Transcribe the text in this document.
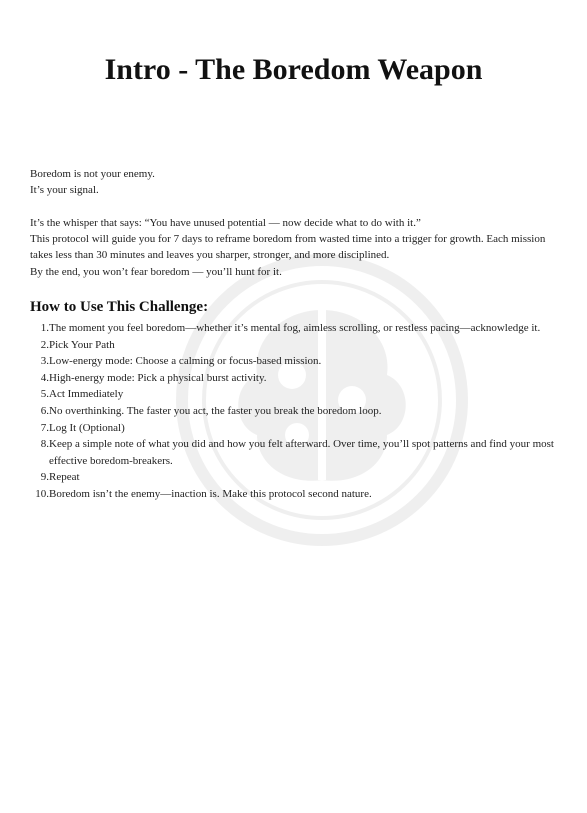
Intro - The Boredom Weapon

Boredom is not your enemy.

It’s your signal.

It’s the whisper that says: “You have unused potential — now decide what to do with it.”

This protocol will guide you for 7 days to reframe boredom from wasted time into a trigger for growth. Each mission takes less than 30 minutes and leaves you sharper, stronger, and more disciplined.

By the end, you won’t fear boredom — you’ll hunt for it.

How to Use This Challenge:
1. The moment you feel boredom—whether it’s mental fog, aimless scrolling, or restless pacing—acknowledge it.
2. Pick Your Path
3. Low-energy mode: Choose a calming or focus-based mission.
4. High-energy mode: Pick a physical burst activity.
5. Act Immediately
6. No overthinking. The faster you act, the faster you break the boredom loop.
7. Log It (Optional)
8. Keep a simple note of what you did and how you felt afterward. Over time, you’ll spot patterns and find your most effective boredom-breakers.
9. Repeat
10. Boredom isn’t the enemy—inaction is. Make this protocol second nature.
